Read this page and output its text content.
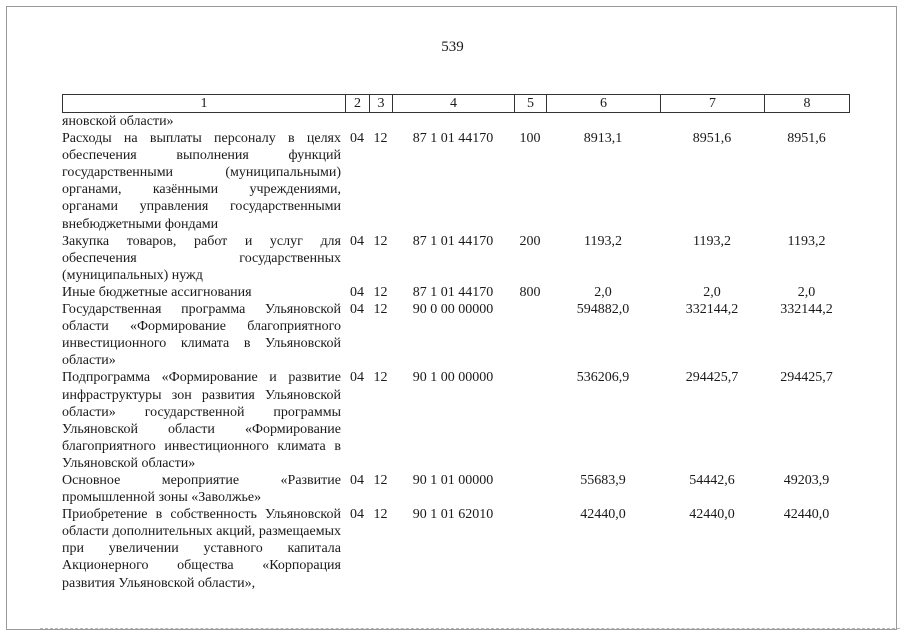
539
1	2	3	4	5	6	7	8
яновской области»							
Расходы на выплаты персоналу в целях обеспечения выполнения функций государственными (муниципальными) органами, казёнными учреждениями, органами управления государственными внебюджетными фондами	04	12	87 1 01 44170	100	8913,1	8951,6	8951,6
Закупка товаров, работ и услуг для обеспечения государственных (муниципальных) нужд	04	12	87 1 01 44170	200	1193,2	1193,2	1193,2
Иные бюджетные ассигнования	04	12	87 1 01 44170	800	2,0	2,0	2,0
Государственная программа Ульяновской области «Формирование благоприятного инвестиционного климата в Ульяновской области»	04	12	90 0 00 00000		594882,0	332144,2	332144,2
Подпрограмма «Формирование и развитие инфраструктуры зон развития Ульяновской области» государственной программы Ульяновской области «Формирование благоприятного инвестиционного климата в Ульяновской области»	04	12	90 1 00 00000		536206,9	294425,7	294425,7
Основное мероприятие «Развитие промышленной зоны «Заволжье»	04	12	90 1 01 00000		55683,9	54442,6	49203,9
Приобретение в собственность Ульяновской области дополнительных акций, размещаемых при увеличении уставного капитала Акционерного общества «Корпорация развития Ульяновской области»,	04	12	90 1 01 62010		42440,0	42440,0	42440,0
